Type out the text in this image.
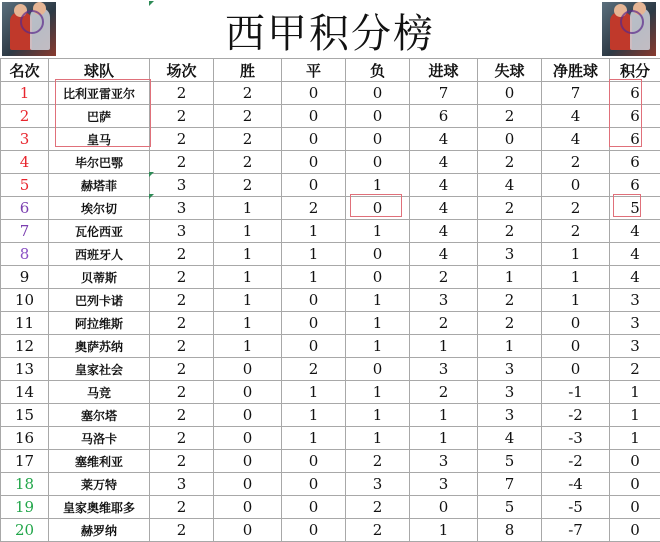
西甲积分榜
名次	球队	场次	胜	平	负	进球	失球	净胜球	积分
1	比利亚雷亚尔	2	2	0	0	7	0	7	6
2	巴萨	2	2	0	0	6	2	4	6
3	皇马	2	2	0	0	4	0	4	6
4	毕尔巴鄂	2	2	0	0	4	2	2	6
5	赫塔菲	3	2	0	1	4	4	0	6
6	埃尔切	3	1	2	0	4	2	2	5
7	瓦伦西亚	3	1	1	1	4	2	2	4
8	西班牙人	2	1	1	0	4	3	1	4
9	贝蒂斯	2	1	1	0	2	1	1	4
10	巴列卡诺	2	1	0	1	3	2	1	3
11	阿拉维斯	2	1	0	1	2	2	0	3
12	奥萨苏纳	2	1	0	1	1	1	0	3
13	皇家社会	2	0	2	0	3	3	0	2
14	马竞	2	0	1	1	2	3	-1	1
15	塞尔塔	2	0	1	1	1	3	-2	1
16	马洛卡	2	0	1	1	1	4	-3	1
17	塞维利亚	2	0	0	2	3	5	-2	0
18	莱万特	3	0	0	3	3	7	-4	0
19	皇家奥维耶多	2	0	0	2	0	5	-5	0
20	赫罗纳	2	0	0	2	1	8	-7	0
